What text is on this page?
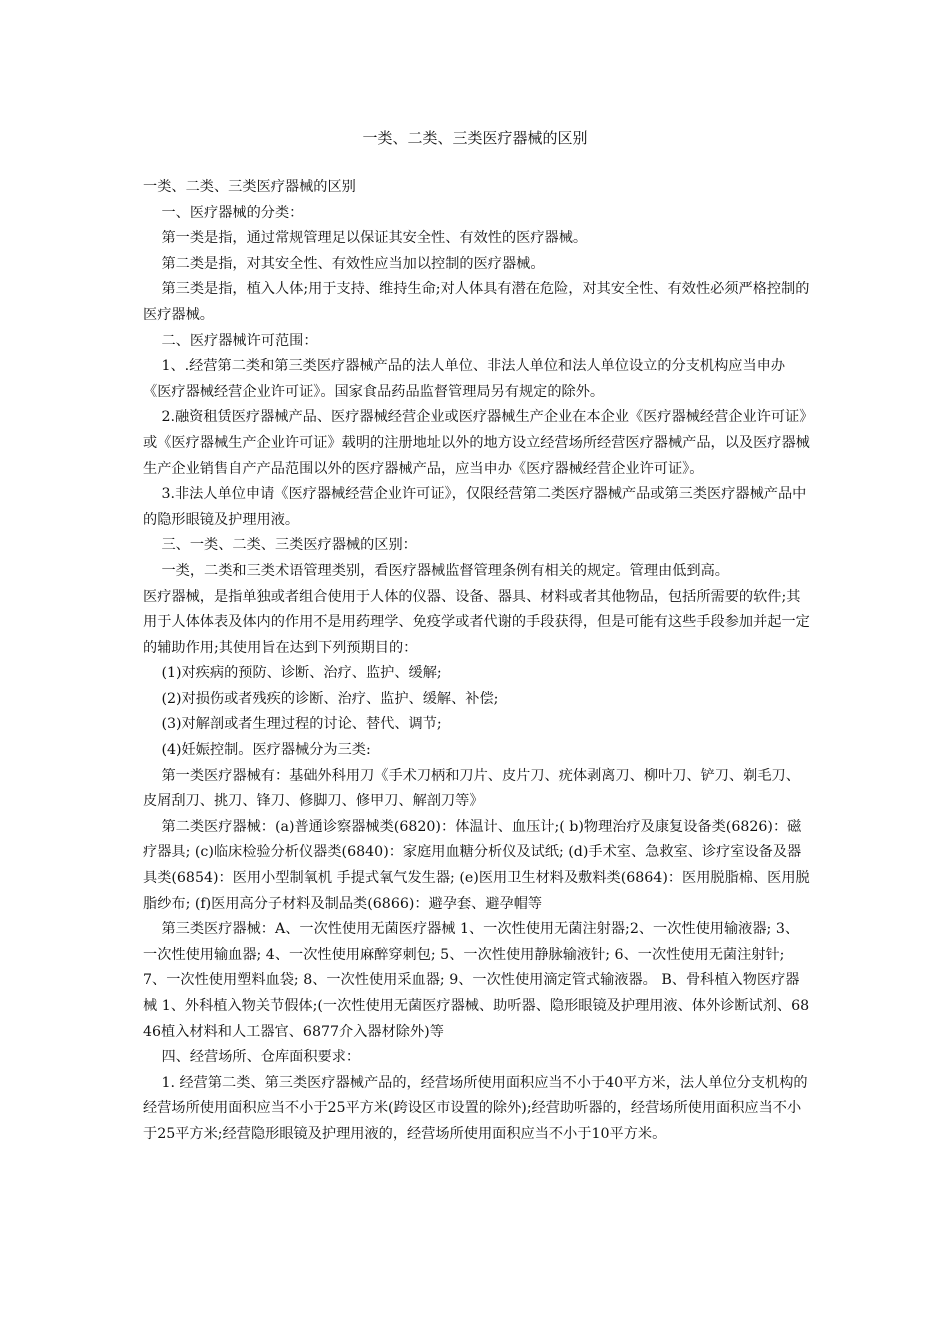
一类、二类、三类医疗器械的区别

一类、二类、三类医疗器械的区别

一、医疗器械的分类：

第一类是指，通过常规管理足以保证其安全性、有效性的医疗器械。

第二类是指，对其安全性、有效性应当加以控制的医疗器械。

第三类是指，植入人体;用于支持、维持生命;对人体具有潜在危险，对其安全性、有效性必须严格控制的医疗器械。

二、医疗器械许可范围：

1、.经营第二类和第三类医疗器械产品的法人单位、非法人单位和法人单位设立的分支机构应当申办《医疗器械经营企业许可证》。国家食品药品监督管理局另有规定的除外。

2.融资租赁医疗器械产品、医疗器械经营企业或医疗器械生产企业在本企业《医疗器械经营企业许可证》或《医疗器械生产企业许可证》载明的注册地址以外的地方设立经营场所经营医疗器械产品，以及医疗器械生产企业销售自产产品范围以外的医疗器械产品，应当申办《医疗器械经营企业许可证》。

3.非法人单位申请《医疗器械经营企业许可证》，仅限经营第二类医疗器械产品或第三类医疗器械产品中的隐形眼镜及护理用液。

三、一类、二类、三类医疗器械的区别：

一类，二类和三类术语管理类别，看医疗器械监督管理条例有相关的规定。管理由低到高。

医疗器械，是指单独或者组合使用于人体的仪器、设备、器具、材料或者其他物品，包括所需要的软件;其用于人体体表及体内的作用不是用药理学、免疫学或者代谢的手段获得，但是可能有这些手段参加并起一定的辅助作用;其使用旨在达到下列预期目的：

(1)对疾病的预防、诊断、治疗、监护、缓解;

(2)对损伤或者残疾的诊断、治疗、监护、缓解、补偿;

(3)对解剖或者生理过程的讨论、替代、调节;

(4)妊娠控制。医疗器械分为三类:

第一类医疗器械有：基础外科用刀《手术刀柄和刀片、皮片刀、疣体剥离刀、柳叶刀、铲刀、剃毛刀、皮屑刮刀、挑刀、锋刀、修脚刀、修甲刀、解剖刀等》

第二类医疗器械：(a)普通诊察器械类(6820)：体温计、血压计;( b)物理治疗及康复设备类(6826)：磁疗器具; (c)临床检验分析仪器类(6840)：家庭用血糖分析仪及试纸; (d)手术室、急救室、诊疗室设备及器具类(6854)：医用小型制氧机 手提式氧气发生器; (e)医用卫生材料及敷料类(6864)：医用脱脂棉、医用脱脂纱布; (f)医用高分子材料及制品类(6866)：避孕套、避孕帽等

第三类医疗器械：A、一次性使用无菌医疗器械 1、一次性使用无菌注射器;2、一次性使用输液器; 3、一次性使用输血器; 4、一次性使用麻醉穿刺包; 5、一次性使用静脉输液针; 6、一次性使用无菌注射针; 7、一次性使用塑料血袋; 8、一次性使用采血器; 9、一次性使用滴定管式输液器。 B、骨科植入物医疗器械 1、外科植入物关节假体;(一次性使用无菌医疗器械、助听器、隐形眼镜及护理用液、体外诊断试剂、6846植入材料和人工器官、6877介入器材除外)等

四、经营场所、仓库面积要求：

1. 经营第二类、第三类医疗器械产品的，经营场所使用面积应当不小于40平方米，法人单位分支机构的经营场所使用面积应当不小于25平方米(跨设区市设置的除外);经营助听器的，经营场所使用面积应当不小于25平方米;经营隐形眼镜及护理用液的，经营场所使用面积应当不小于10平方米。
